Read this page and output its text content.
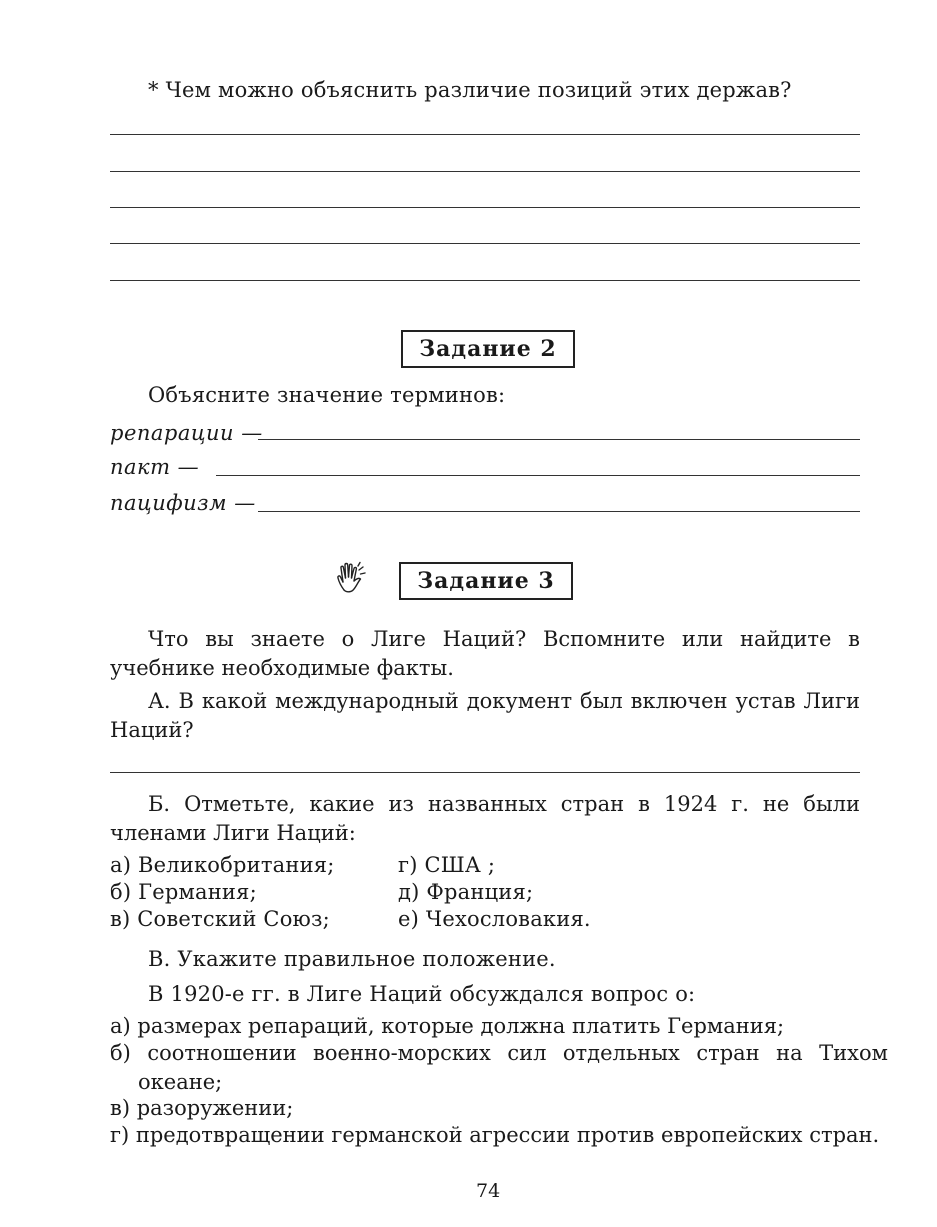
* Чем можно объяснить различие позиций этих держав?
Задание 2
Объясните значение терминов:
репарации —
пакт —
пацифизм —
Задание 3
Что вы знаете о Лиге Наций? Вспомните или найдите в учебнике необходимые факты.
А. В какой международный документ был включен устав Лиги Наций?
Б. Отметьте, какие из названных стран в 1924 г. не были членами Лиги Наций:
а) Великобритания;
б) Германия;
в) Советский Союз;
г) США ;
д) Франция;
е) Чехословакия.
В. Укажите правильное положение.
В 1920-е гг. в Лиге Наций обсуждался вопрос о:
а) размерах репараций, которые должна платить Германия;
б) соотношении военно-морских сил отдельных стран на Тихом океане;
в) разоружении;
г) предотвращении германской агрессии против европейских стран.
74
